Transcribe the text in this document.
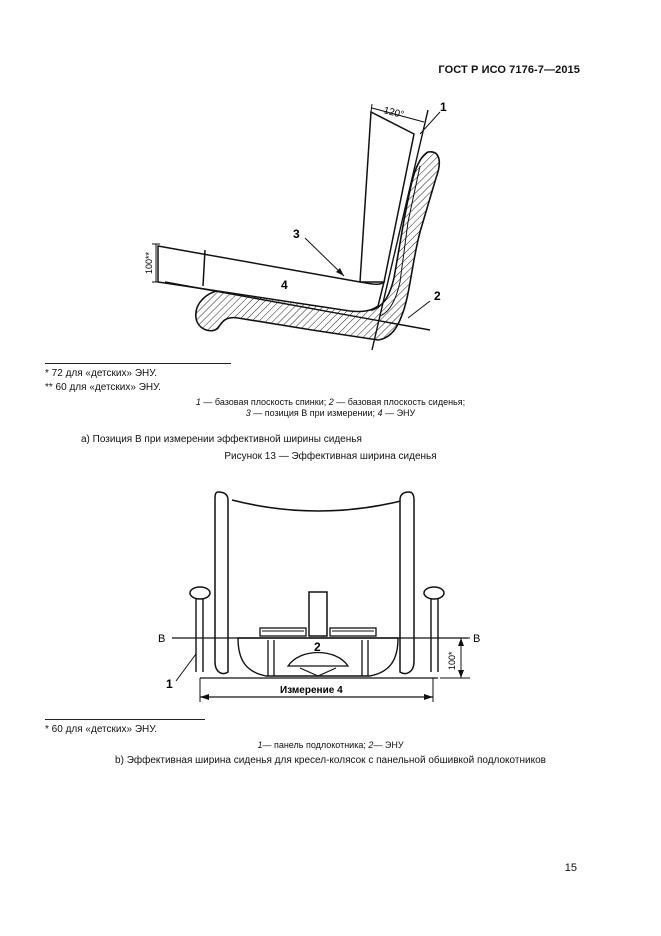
ГОСТ Р ИСО 7176-7—2015
1
2
3
4
120°
100**
* 72 для «детских» ЭНУ.
** 60 для «детских» ЭНУ.
1 — базовая плоскость спинки; 2 — базовая плоскость сиденья;
3 — позиция В при измерении; 4 — ЭНУ
а) Позиция В при измерении эффективной ширины сиденья
Рисунок 13 — Эффективная ширина сиденья
B	B
2
1
100*
Измерение 4
* 60 для «детских» ЭНУ.
1— панель подлокотника; 2— ЭНУ
b) Эффективная ширина сиденья для кресел-колясок с панельной обшивкой подлокотников
15
